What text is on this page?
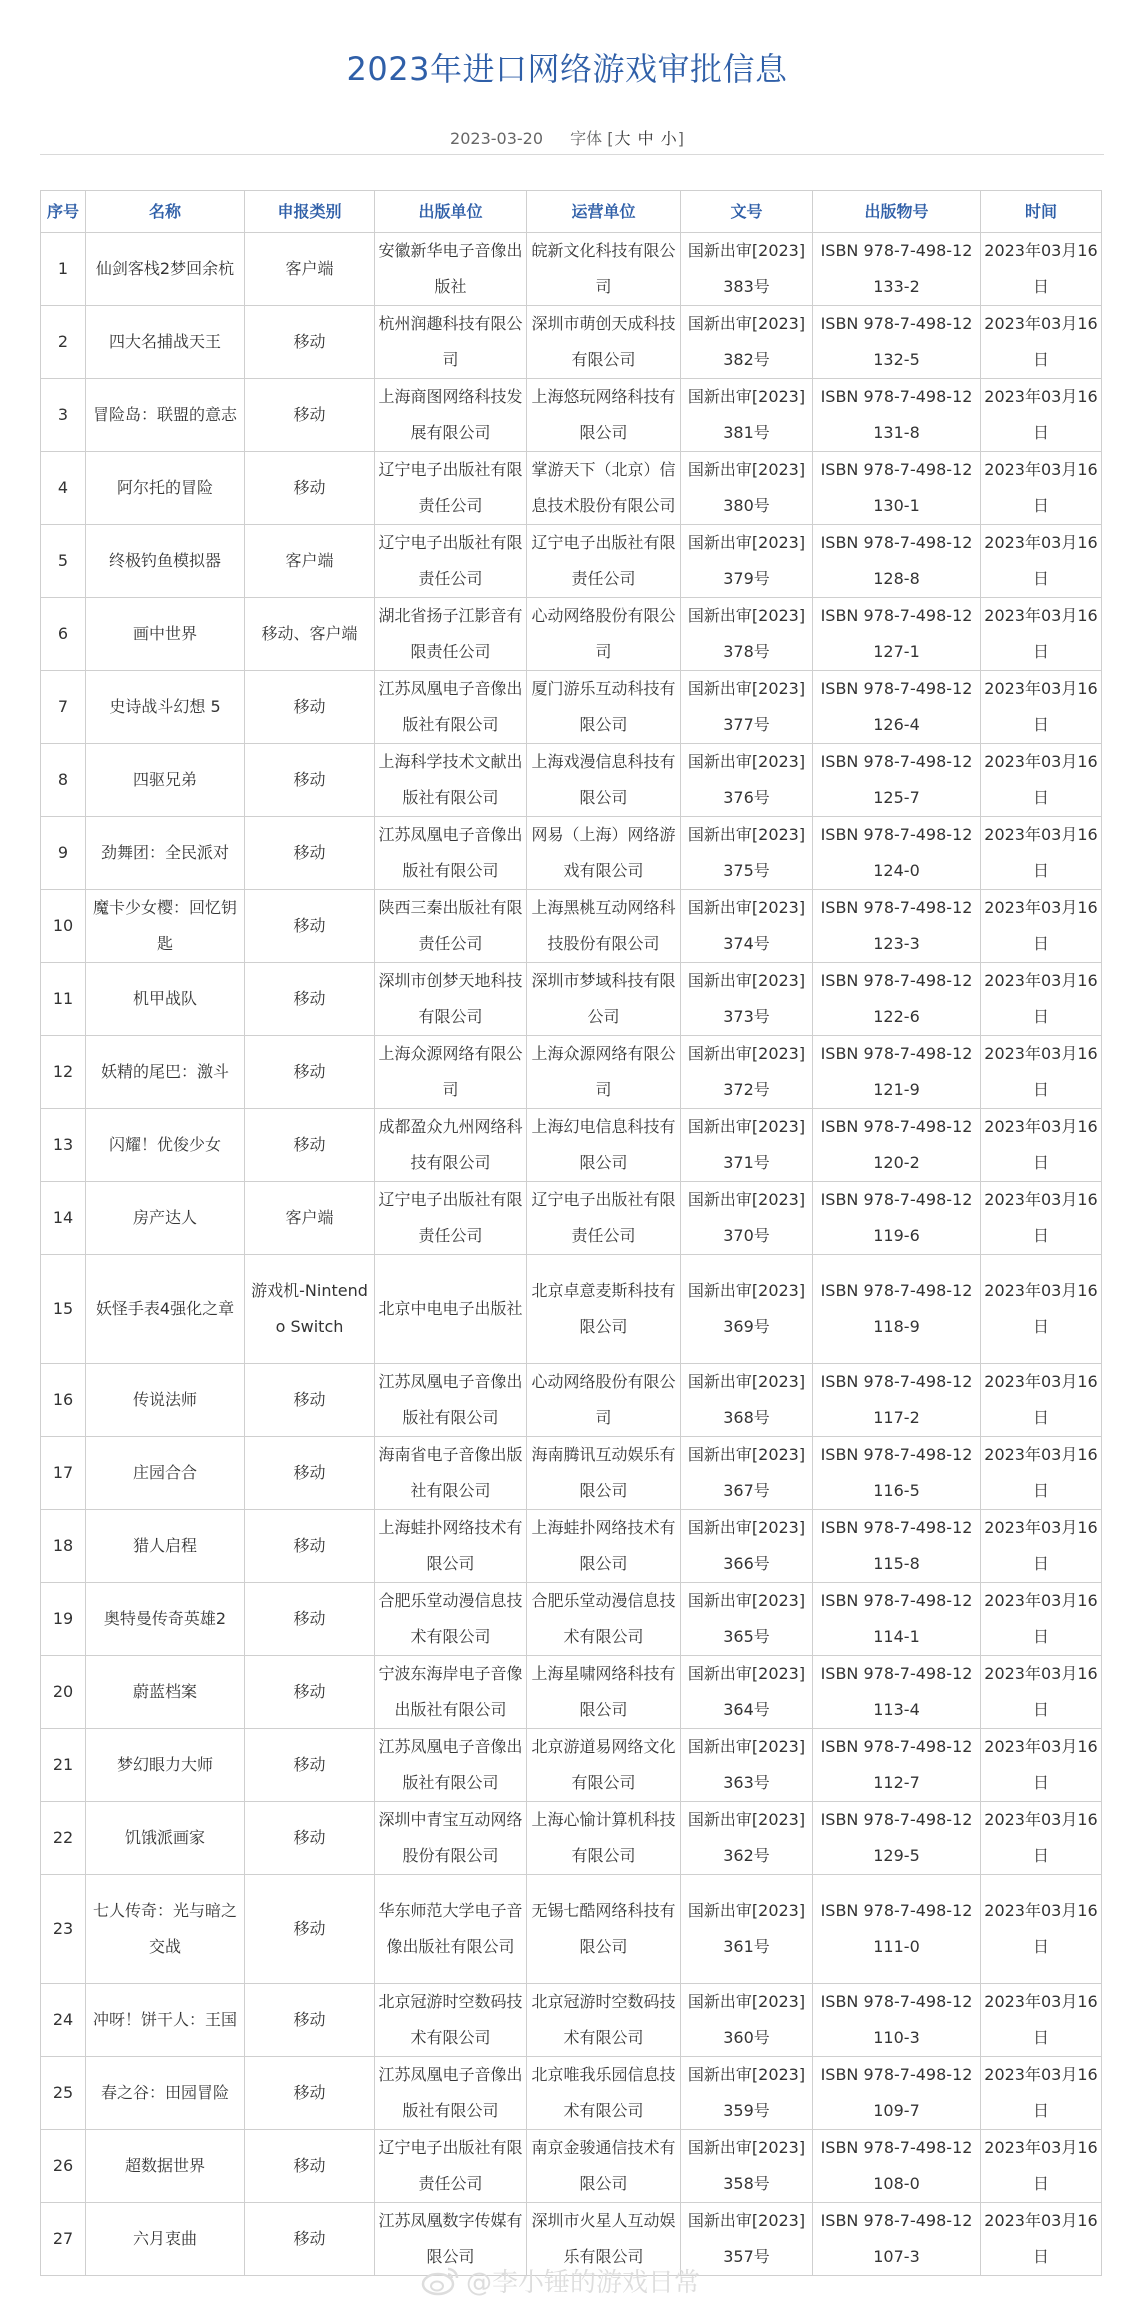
2023年进口网络游戏审批信息
2023-03-20 字体 [大 中 小]
序号	名称	申报类别	出版单位	运营单位	文号	出版物号	时间
1	仙剑客栈2梦回余杭	客户端	安徽新华电子音像出版社	皖新文化科技有限公司	国新出审[2023]383号	ISBN 978-7-498-12133-2	2023年03月16日
2	四大名捕战天王	移动	杭州润趣科技有限公司	深圳市萌创天成科技有限公司	国新出审[2023]382号	ISBN 978-7-498-12132-5	2023年03月16日
3	冒险岛：联盟的意志	移动	上海商图网络科技发展有限公司	上海悠玩网络科技有限公司	国新出审[2023]381号	ISBN 978-7-498-12131-8	2023年03月16日
4	阿尔托的冒险	移动	辽宁电子出版社有限责任公司	掌游天下（北京）信息技术股份有限公司	国新出审[2023]380号	ISBN 978-7-498-12130-1	2023年03月16日
5	终极钓鱼模拟器	客户端	辽宁电子出版社有限责任公司	辽宁电子出版社有限责任公司	国新出审[2023]379号	ISBN 978-7-498-12128-8	2023年03月16日
6	画中世界	移动、客户端	湖北省扬子江影音有限责任公司	心动网络股份有限公司	国新出审[2023]378号	ISBN 978-7-498-12127-1	2023年03月16日
7	史诗战斗幻想 5	移动	江苏凤凰电子音像出版社有限公司	厦门游乐互动科技有限公司	国新出审[2023]377号	ISBN 978-7-498-12126-4	2023年03月16日
8	四驱兄弟	移动	上海科学技术文献出版社有限公司	上海戏漫信息科技有限公司	国新出审[2023]376号	ISBN 978-7-498-12125-7	2023年03月16日
9	劲舞团：全民派对	移动	江苏凤凰电子音像出版社有限公司	网易（上海）网络游戏有限公司	国新出审[2023]375号	ISBN 978-7-498-12124-0	2023年03月16日
10	魔卡少女樱：回忆钥匙	移动	陕西三秦出版社有限责任公司	上海黑桃互动网络科技股份有限公司	国新出审[2023]374号	ISBN 978-7-498-12123-3	2023年03月16日
11	机甲战队	移动	深圳市创梦天地科技有限公司	深圳市梦域科技有限公司	国新出审[2023]373号	ISBN 978-7-498-12122-6	2023年03月16日
12	妖精的尾巴：激斗	移动	上海众源网络有限公司	上海众源网络有限公司	国新出审[2023]372号	ISBN 978-7-498-12121-9	2023年03月16日
13	闪耀！优俊少女	移动	成都盈众九州网络科技有限公司	上海幻电信息科技有限公司	国新出审[2023]371号	ISBN 978-7-498-12120-2	2023年03月16日
14	房产达人	客户端	辽宁电子出版社有限责任公司	辽宁电子出版社有限责任公司	国新出审[2023]370号	ISBN 978-7-498-12119-6	2023年03月16日
15	妖怪手表4强化之章	游戏机-Nintendo Switch	北京中电电子出版社	北京卓意麦斯科技有限公司	国新出审[2023]369号	ISBN 978-7-498-12118-9	2023年03月16日
16	传说法师	移动	江苏凤凰电子音像出版社有限公司	心动网络股份有限公司	国新出审[2023]368号	ISBN 978-7-498-12117-2	2023年03月16日
17	庄园合合	移动	海南省电子音像出版社有限公司	海南腾讯互动娱乐有限公司	国新出审[2023]367号	ISBN 978-7-498-12116-5	2023年03月16日
18	猎人启程	移动	上海蛙扑网络技术有限公司	上海蛙扑网络技术有限公司	国新出审[2023]366号	ISBN 978-7-498-12115-8	2023年03月16日
19	奥特曼传奇英雄2	移动	合肥乐堂动漫信息技术有限公司	合肥乐堂动漫信息技术有限公司	国新出审[2023]365号	ISBN 978-7-498-12114-1	2023年03月16日
20	蔚蓝档案	移动	宁波东海岸电子音像出版社有限公司	上海星啸网络科技有限公司	国新出审[2023]364号	ISBN 978-7-498-12113-4	2023年03月16日
21	梦幻眼力大师	移动	江苏凤凰电子音像出版社有限公司	北京游道易网络文化有限公司	国新出审[2023]363号	ISBN 978-7-498-12112-7	2023年03月16日
22	饥饿派画家	移动	深圳中青宝互动网络股份有限公司	上海心愉计算机科技有限公司	国新出审[2023]362号	ISBN 978-7-498-12129-5	2023年03月16日
23	七人传奇：光与暗之交战	移动	华东师范大学电子音像出版社有限公司	无锡七酷网络科技有限公司	国新出审[2023]361号	ISBN 978-7-498-12111-0	2023年03月16日
24	冲呀！饼干人：王国	移动	北京冠游时空数码技术有限公司	北京冠游时空数码技术有限公司	国新出审[2023]360号	ISBN 978-7-498-12110-3	2023年03月16日
25	春之谷：田园冒险	移动	江苏凤凰电子音像出版社有限公司	北京唯我乐园信息技术有限公司	国新出审[2023]359号	ISBN 978-7-498-12109-7	2023年03月16日
26	超数据世界	移动	辽宁电子出版社有限责任公司	南京金骏通信技术有限公司	国新出审[2023]358号	ISBN 978-7-498-12108-0	2023年03月16日
27	六月衷曲	移动	江苏凤凰数字传媒有限公司	深圳市火星人互动娱乐有限公司	国新出审[2023]357号	ISBN 978-7-498-12107-3	2023年03月16日
@李小锤的游戏日常
